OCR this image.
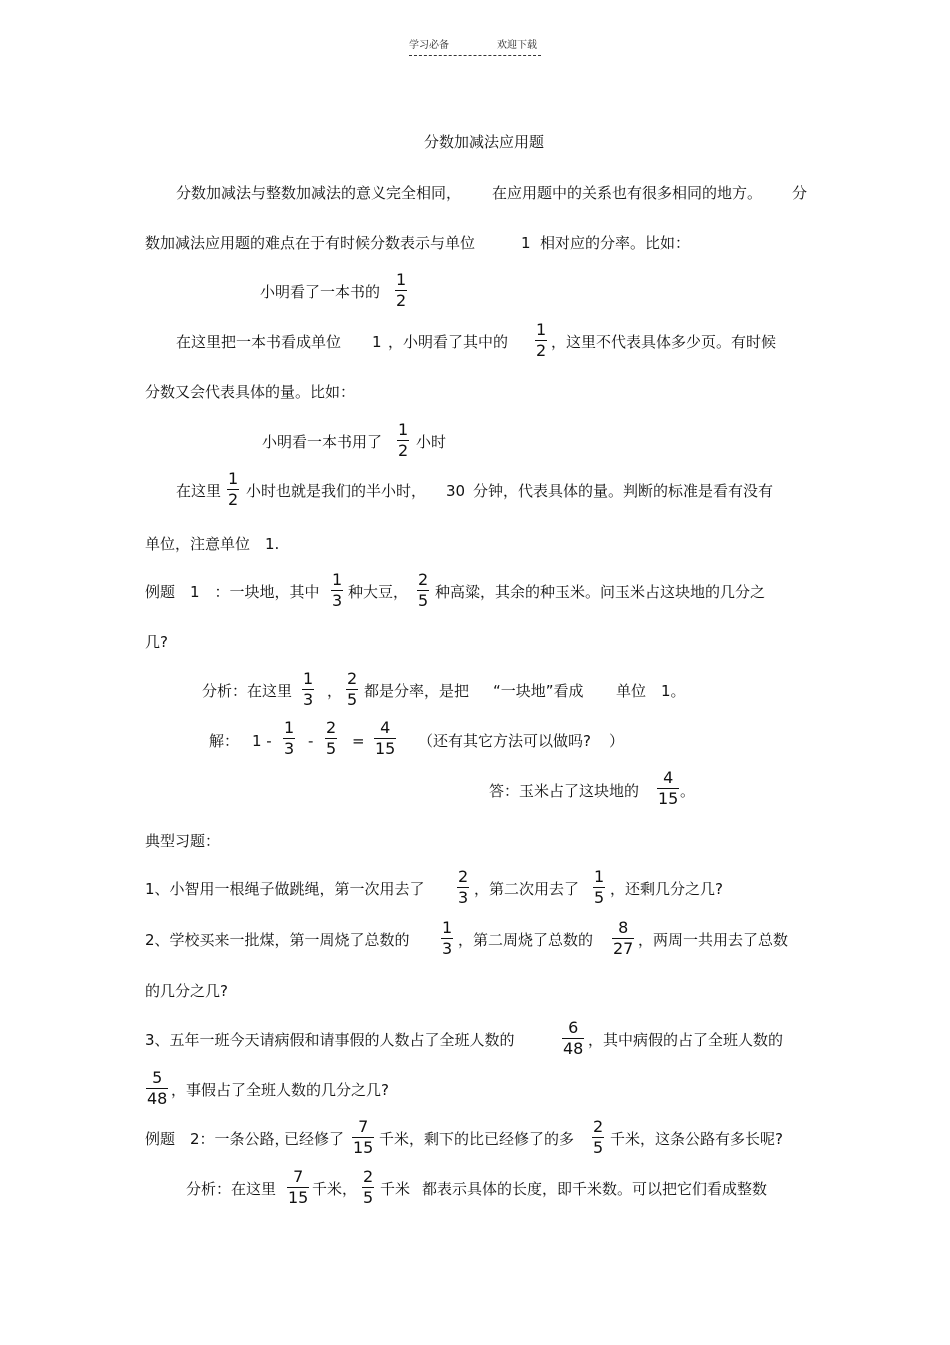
学习必备	欢迎下载
分数加减法应用题
分数加减法与整数加减法的意义完全相同， 在应用题中的关系也有很多相同的地方。 分
数加减法应用题的难点在于有时候分数表示与单位	1 相对应的分率。比如：
小明看了一本书的
1
2
在这里把一本书看成单位 1 ，小明看了其中的
1
2 ，这里不代表具体多少页。有时候
分数又会代表具体的量。比如：
小明看一本书用了
1
2 小时
在这里
1
2 小时也就是我们的半小时， 30 分钟，代表具体的量。判断的标准是看有没有
单位，注意单位　1.
例题　1　：一块地，其中
1
3 种大豆，
2
5 种高粱，其余的种玉米。问玉米占这块地的几分之
几?
分析：在这里
1
3 ，
2
5 都是分率，是把 “一块地”看成 单位　1。
解： 1 -
1
3 -
2
5 =
4
15 （还有其它方法可以做吗? ）
答：玉米占了这块地的
4
15 。
典型习题：
1、小智用一根绳子做跳绳，第一次用去了
2
3 ，第二次用去了
1
5 ，还剩几分之几?
2、学校买来一批煤，第一周烧了总数的
1
3 ，第二周烧了总数的
8
27 ，两周一共用去了总数
的几分之几?
3、五年一班今天请病假和请事假的人数占了全班人数的
6
48 ，其中病假的占了全班人数的
5
48 ，事假占了全班人数的几分之几?
例题　2：一条公路，
已经修了
7
15 千米，剩下的比已经修了的多
2
5 千米，这条公路有多长呢?
分析：在这里
7
15 千米，
2
5 千米 都表示具体的长度，即千米数。可以把它们看成整数
